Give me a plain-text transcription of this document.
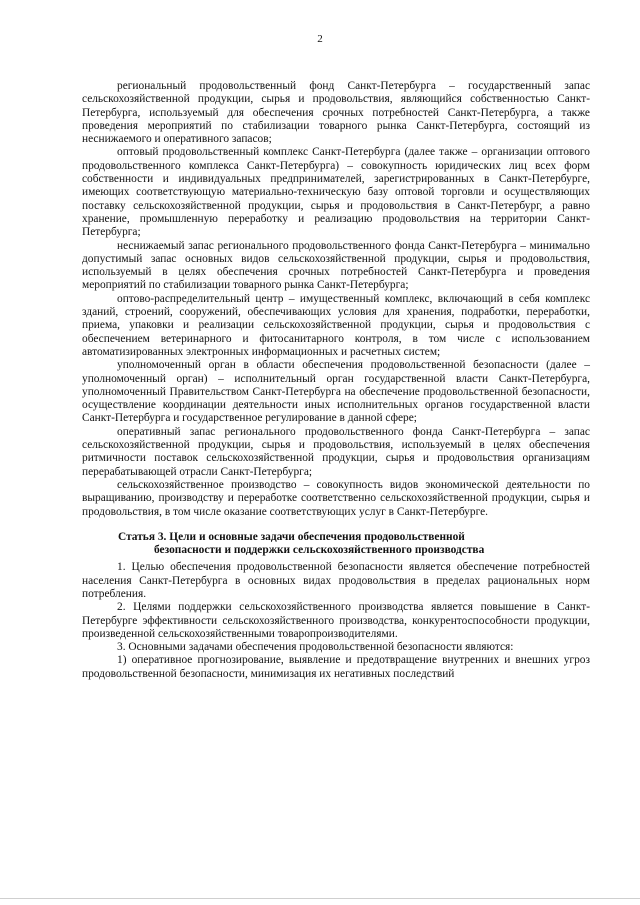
2

региональный продовольственный фонд Санкт-Петербурга – государственный запас сельскохозяйственной продукции, сырья и продовольствия, являющийся собственностью Санкт-Петербурга, используемый для обеспечения срочных потребностей Санкт-Петербурга, а также проведения мероприятий по стабилизации товарного рынка Санкт-Петербурга, состоящий из неснижаемого и оперативного запасов;

оптовый продовольственный комплекс Санкт-Петербурга (далее также – организации оптового продовольственного комплекса Санкт-Петербурга) – совокупность юридических лиц всех форм собственности и индивидуальных предпринимателей, зарегистрированных в Санкт-Петербурге, имеющих соответствующую материально-техническую базу оптовой торговли и осуществляющих поставку сельскохозяйственной продукции, сырья и продовольствия в Санкт-Петербург, а равно хранение, промышленную переработку и реализацию продовольствия на территории Санкт-Петербурга;

неснижаемый запас регионального продовольственного фонда Санкт-Петербурга – минимально допустимый запас основных видов сельскохозяйственной продукции, сырья и продовольствия, используемый в целях обеспечения срочных потребностей Санкт-Петербурга и проведения мероприятий по стабилизации товарного рынка Санкт-Петербурга;

оптово-распределительный центр – имущественный комплекс, включающий в себя комплекс зданий, строений, сооружений, обеспечивающих условия для хранения, подработки, переработки, приема, упаковки и реализации сельскохозяйственной продукции, сырья и продовольствия с обеспечением ветеринарного и фитосанитарного контроля, в том числе с использованием автоматизированных электронных информационных и расчетных систем;

уполномоченный орган в области обеспечения продовольственной безопасности (далее – уполномоченный орган) – исполнительный орган государственной власти Санкт-Петербурга, уполномоченный Правительством Санкт-Петербурга на обеспечение продовольственной безопасности, осуществление координации деятельности иных исполнительных органов государственной власти Санкт-Петербурга и государственное регулирование в данной сфере;

оперативный запас регионального продовольственного фонда Санкт-Петербурга – запас сельскохозяйственной продукции, сырья и продовольствия, используемый в целях обеспечения ритмичности поставок сельскохозяйственной продукции, сырья и продовольствия организациям перерабатывающей отрасли Санкт-Петербурга;

сельскохозяйственное производство – совокупность видов экономической деятельности по выращиванию, производству и переработке соответственно сельскохозяйственной продукции, сырья и продовольствия, в том числе оказание соответствующих услуг в Санкт-Петербурге.

Статья 3. Цели и основные задачи обеспечения продовольственной
безопасности и поддержки сельскохозяйственного производства

1. Целью обеспечения продовольственной безопасности является обеспечение потребностей населения Санкт-Петербурга в основных видах продовольствия в пределах рациональных норм потребления.

2. Целями поддержки сельскохозяйственного производства является повышение в Санкт-Петербурге эффективности сельскохозяйственного производства, конкурентоспособности продукции, произведенной сельскохозяйственными товаропроизводителями.

3. Основными задачами обеспечения продовольственной безопасности являются:

1) оперативное прогнозирование, выявление и предотвращение внутренних и внешних угроз продовольственной безопасности, минимизация их негативных последствий
